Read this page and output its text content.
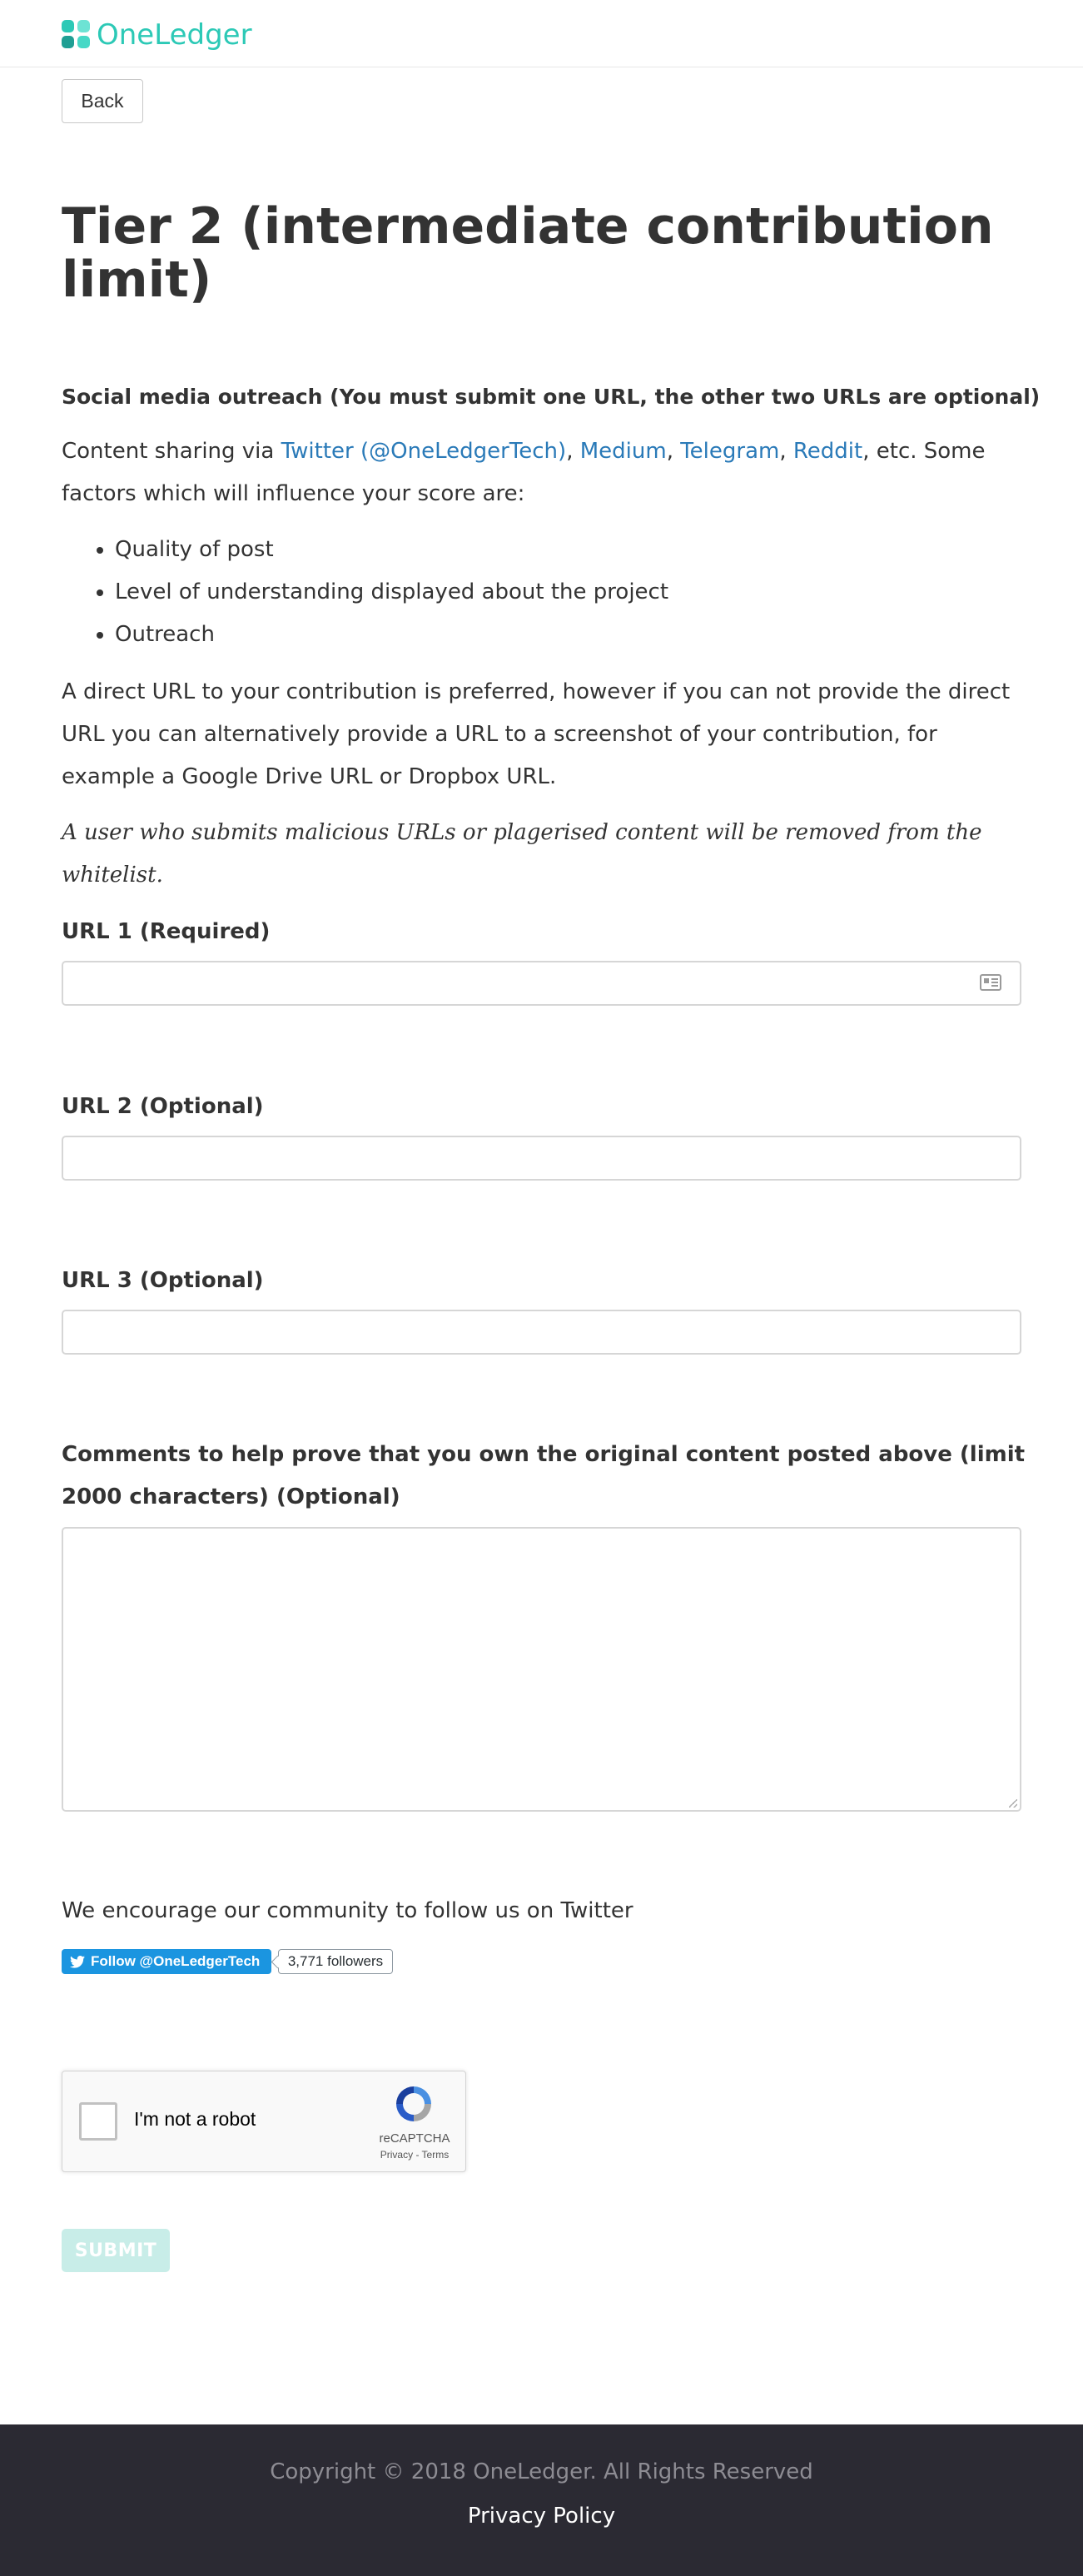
OneLedger
Back
Tier 2 (intermediate contribution limit)
Social media outreach (You must submit one URL, the other two URLs are optional)

Content sharing via Twitter (@OneLedgerTech), Medium, Telegram, Reddit, etc. Some factors which will influence your score are:

• Quality of post
• Level of understanding displayed about the project
• Outreach

A direct URL to your contribution is preferred, however if you can not provide the direct URL you can alternatively provide a URL to a screenshot of your contribution, for example a Google Drive URL or Dropbox URL.

A user who submits malicious URLs or plagerised content will be removed from the whitelist.

URL 1 (Required)
URL 2 (Optional)
URL 3 (Optional)
Comments to help prove that you own the original content posted above (limit 2000 characters) (Optional)

We encourage our community to follow us on Twitter

Follow @OneLedgerTech	3,771 followers
I'm not a robot
reCAPTCHA
Privacy - Terms
SUBMIT

Copyright © 2018 OneLedger. All Rights Reserved

Privacy Policy
